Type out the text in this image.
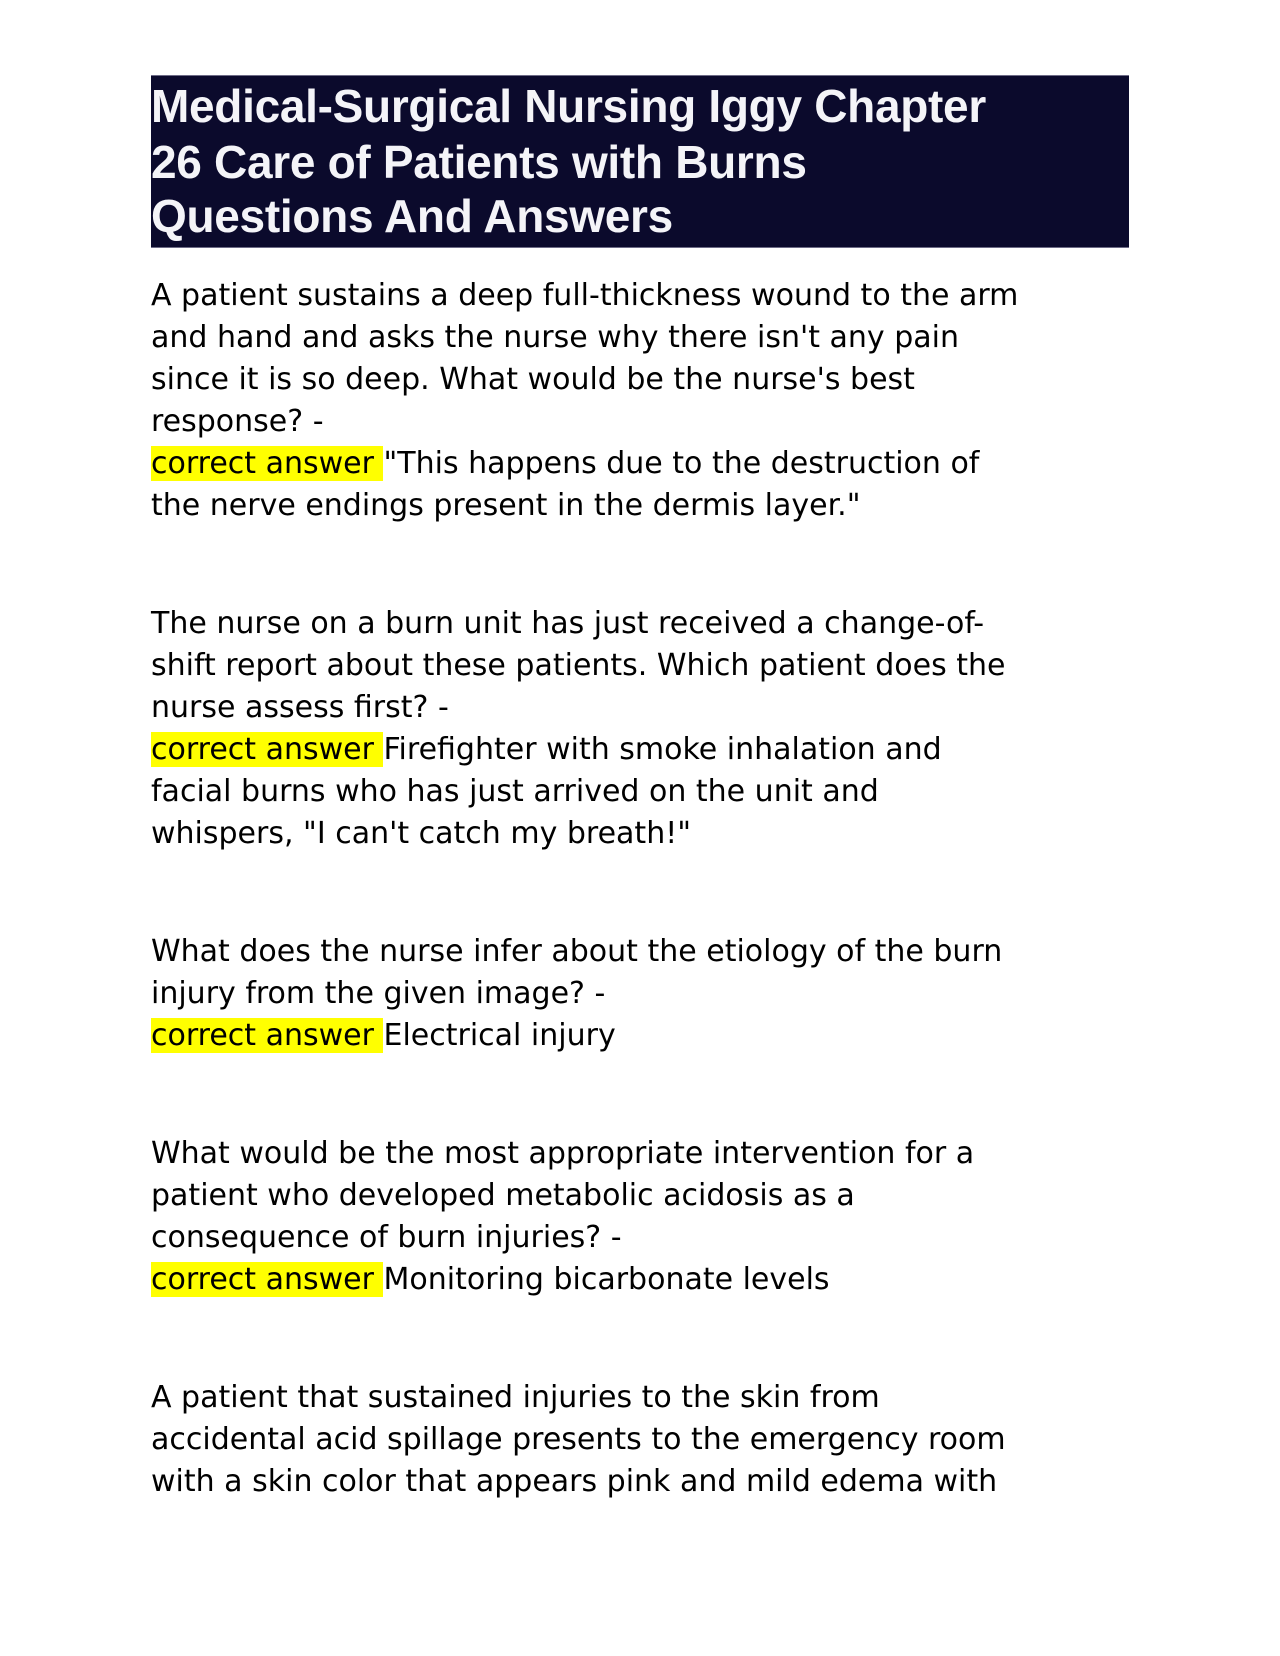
Medical-Surgical Nursing Iggy Chapter
26 Care of Patients with Burns
Questions And Answers
A patient sustains a deep full-thickness wound to the arm
and hand and asks the nurse why there isn't any pain
since it is so deep. What would be the nurse's best
response? -
correct answer "This happens due to the destruction of
the nerve endings present in the dermis layer."
The nurse on a burn unit has just received a change-of-
shift report about these patients. Which patient does the
nurse assess first? -
correct answer Firefighter with smoke inhalation and
facial burns who has just arrived on the unit and
whispers, "I can't catch my breath!"
What does the nurse infer about the etiology of the burn
injury from the given image? -
correct answer Electrical injury
What would be the most appropriate intervention for a
patient who developed metabolic acidosis as a
consequence of burn injuries? -
correct answer Monitoring bicarbonate levels
A patient that sustained injuries to the skin from
accidental acid spillage presents to the emergency room
with a skin color that appears pink and mild edema with
